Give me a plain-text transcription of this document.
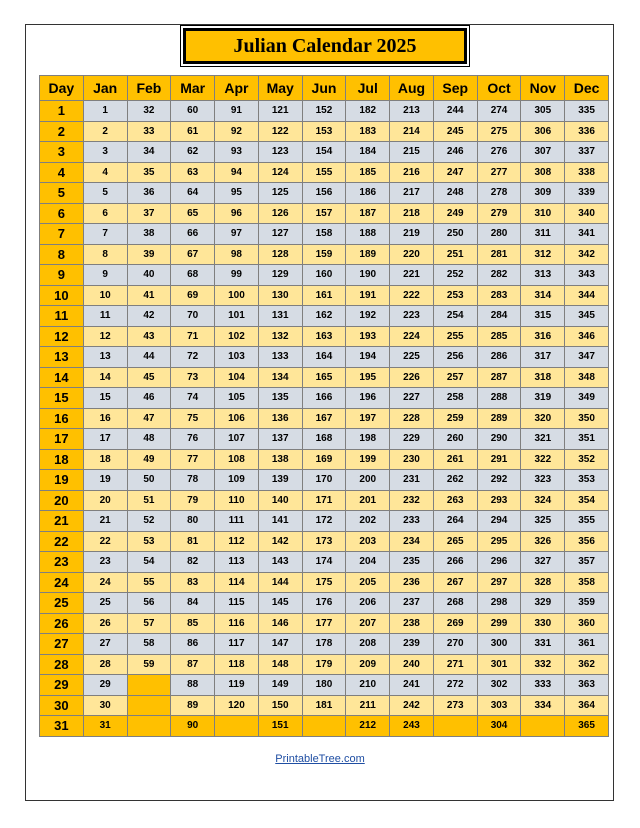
Julian Calendar 2025
Day	Jan	Feb	Mar	Apr	May	Jun	Jul	Aug	Sep	Oct	Nov	Dec
1	1	32	60	91	121	152	182	213	244	274	305	335
2	2	33	61	92	122	153	183	214	245	275	306	336
3	3	34	62	93	123	154	184	215	246	276	307	337
4	4	35	63	94	124	155	185	216	247	277	308	338
5	5	36	64	95	125	156	186	217	248	278	309	339
6	6	37	65	96	126	157	187	218	249	279	310	340
7	7	38	66	97	127	158	188	219	250	280	311	341
8	8	39	67	98	128	159	189	220	251	281	312	342
9	9	40	68	99	129	160	190	221	252	282	313	343
10	10	41	69	100	130	161	191	222	253	283	314	344
11	11	42	70	101	131	162	192	223	254	284	315	345
12	12	43	71	102	132	163	193	224	255	285	316	346
13	13	44	72	103	133	164	194	225	256	286	317	347
14	14	45	73	104	134	165	195	226	257	287	318	348
15	15	46	74	105	135	166	196	227	258	288	319	349
16	16	47	75	106	136	167	197	228	259	289	320	350
17	17	48	76	107	137	168	198	229	260	290	321	351
18	18	49	77	108	138	169	199	230	261	291	322	352
19	19	50	78	109	139	170	200	231	262	292	323	353
20	20	51	79	110	140	171	201	232	263	293	324	354
21	21	52	80	111	141	172	202	233	264	294	325	355
22	22	53	81	112	142	173	203	234	265	295	326	356
23	23	54	82	113	143	174	204	235	266	296	327	357
24	24	55	83	114	144	175	205	236	267	297	328	358
25	25	56	84	115	145	176	206	237	268	298	329	359
26	26	57	85	116	146	177	207	238	269	299	330	360
27	27	58	86	117	147	178	208	239	270	300	331	361
28	28	59	87	118	148	179	209	240	271	301	332	362
29	29		88	119	149	180	210	241	272	302	333	363
30	30		89	120	150	181	211	242	273	303	334	364
31	31		90		151		212	243		304		365
PrintableTree.com
